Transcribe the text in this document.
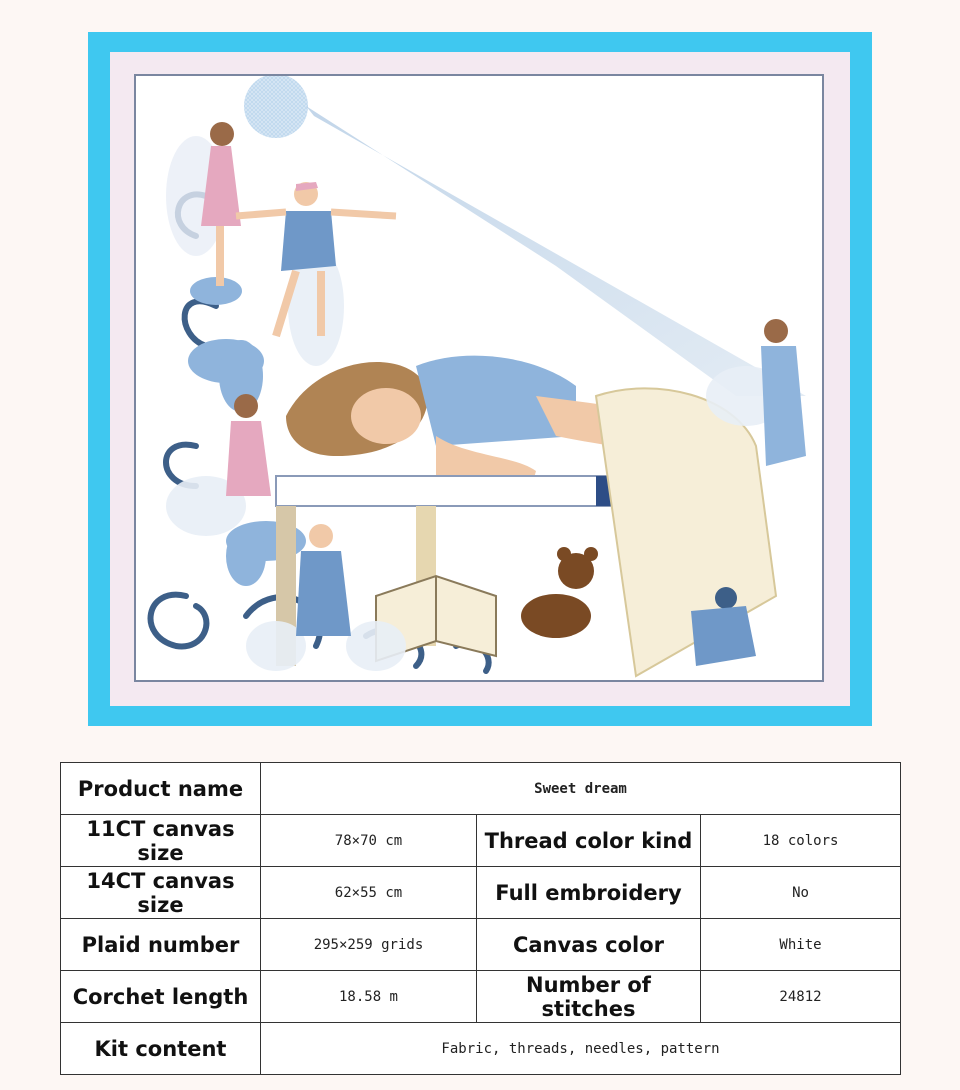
Product name	Sweet dream		
11CT canvas size	78×70 cm	Thread color kind	18 colors
14CT canvas size	62×55 cm	Full embroidery	No
Plaid number	295×259 grids	Canvas color	White
Corchet length	18.58 m	Number of stitches	24812
Kit content	Fabric, threads, needles, pattern		
